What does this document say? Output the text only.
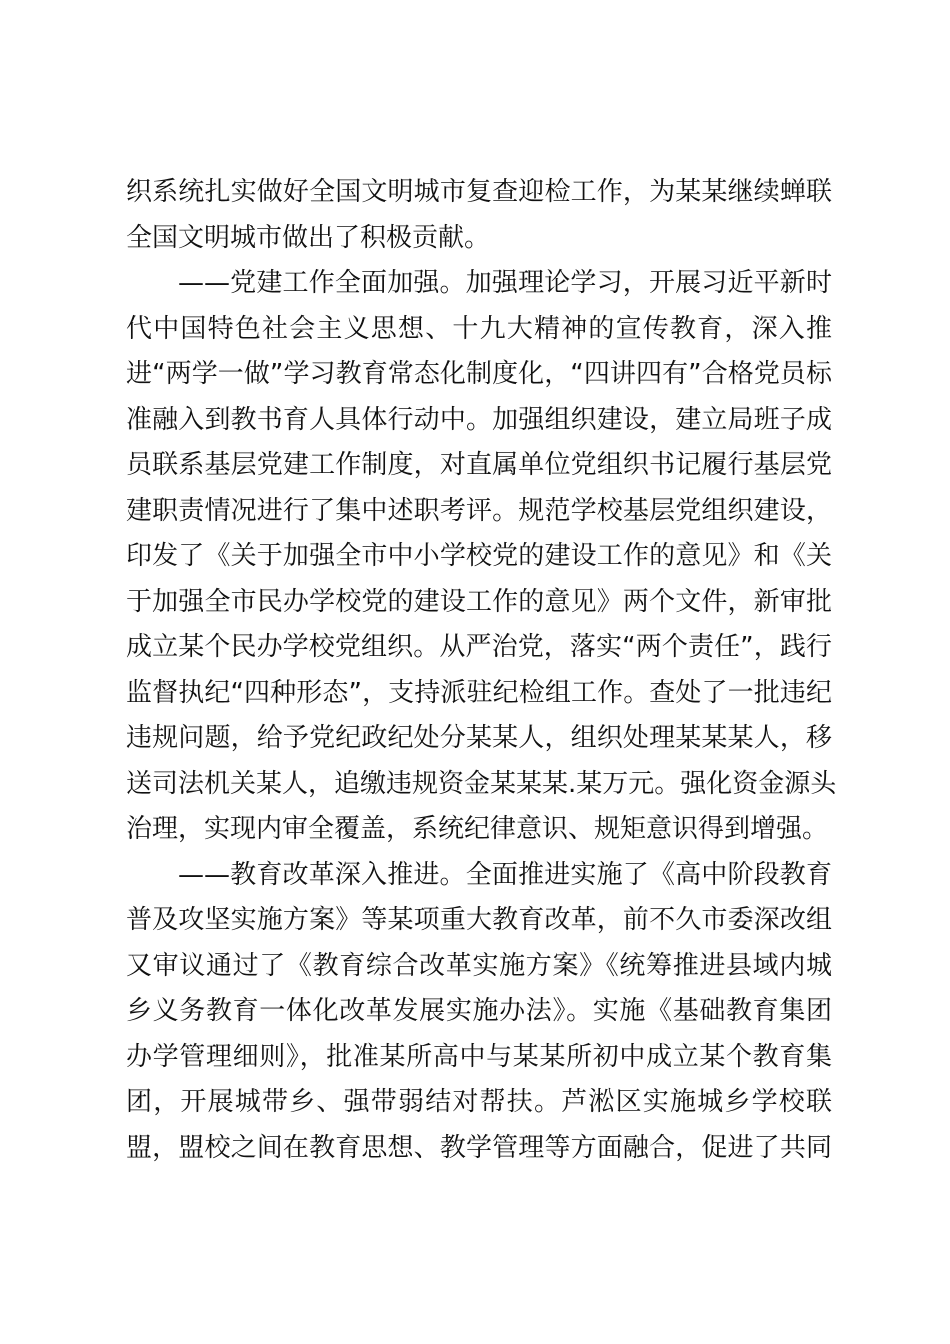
织系统扎实做好全国文明城市复查迎检工作，为某某继续蝉联
全国文明城市做出了积极贡献。
——党建工作全面加强。加强理论学习，开展习近平新时
代中国特色社会主义思想、十九大精神的宣传教育，深入推
进“两学一做”学习教育常态化制度化，“四讲四有”合格党员标
准融入到教书育人具体行动中。加强组织建设，建立局班子成
员联系基层党建工作制度，对直属单位党组织书记履行基层党
建职责情况进行了集中述职考评。规范学校基层党组织建设，
印发了《关于加强全市中小学校党的建设工作的意见》和《关
于加强全市民办学校党的建设工作的意见》两个文件，新审批
成立某个民办学校党组织。从严治党，落实“两个责任”，践行
监督执纪“四种形态”，支持派驻纪检组工作。查处了一批违纪
违规问题，给予党纪政纪处分某某人，组织处理某某某人，移
送司法机关某人，追缴违规资金某某某.某万元。强化资金源头
治理，实现内审全覆盖，系统纪律意识、规矩意识得到增强。
——教育改革深入推进。全面推进实施了《高中阶段教育
普及攻坚实施方案》等某项重大教育改革，前不久市委深改组
又审议通过了《教育综合改革实施方案》《统筹推进县域内城
乡义务教育一体化改革发展实施办法》。实施《基础教育集团
办学管理细则》，批准某所高中与某某所初中成立某个教育集
团，开展城带乡、强带弱结对帮扶。芦淞区实施城乡学校联
盟，盟校之间在教育思想、教学管理等方面融合，促进了共同
